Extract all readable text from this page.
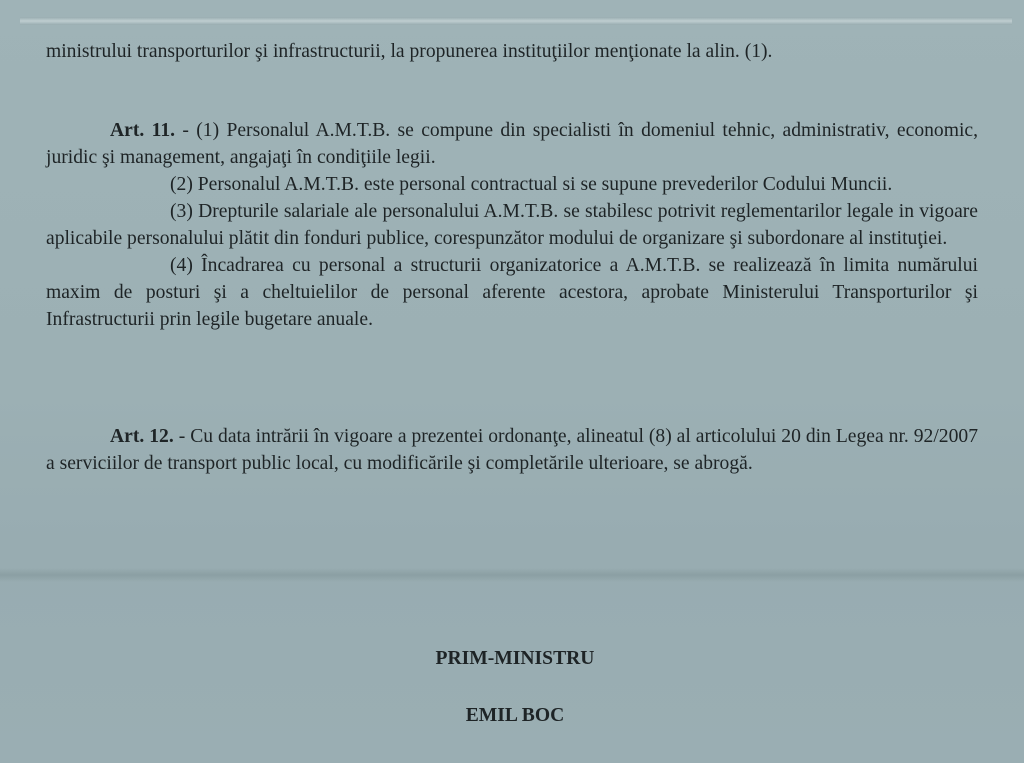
ministrului transporturilor şi infrastructurii, la propunerea instituţiilor menţionate la alin. (1).

Art. 11. - (1) Personalul A.M.T.B. se compune din specialisti în domeniul tehnic, administrativ, economic, juridic şi management, angajaţi în condiţiile legii.

(2) Personalul A.M.T.B. este personal contractual si se supune prevederilor Codului Muncii.

(3) Drepturile salariale ale personalului A.M.T.B. se stabilesc potrivit reglementarilor legale in vigoare aplicabile personalului plătit din fonduri publice, corespunzător modului de organizare şi subordonare al instituţiei.

(4) Încadrarea cu personal a structurii organizatorice a A.M.T.B. se realizează în limita numărului maxim de posturi şi a cheltuielilor de personal aferente acestora, aprobate Ministerului Transporturilor şi Infrastructurii prin legile bugetare anuale.

Art. 12. - Cu data intrării în vigoare a prezentei ordonanţe, alineatul (8) al articolului 20 din Legea nr. 92/2007 a serviciilor de transport public local, cu modificările şi completările ulterioare, se abrogă.

PRIM-MINISTRU
EMIL BOC
